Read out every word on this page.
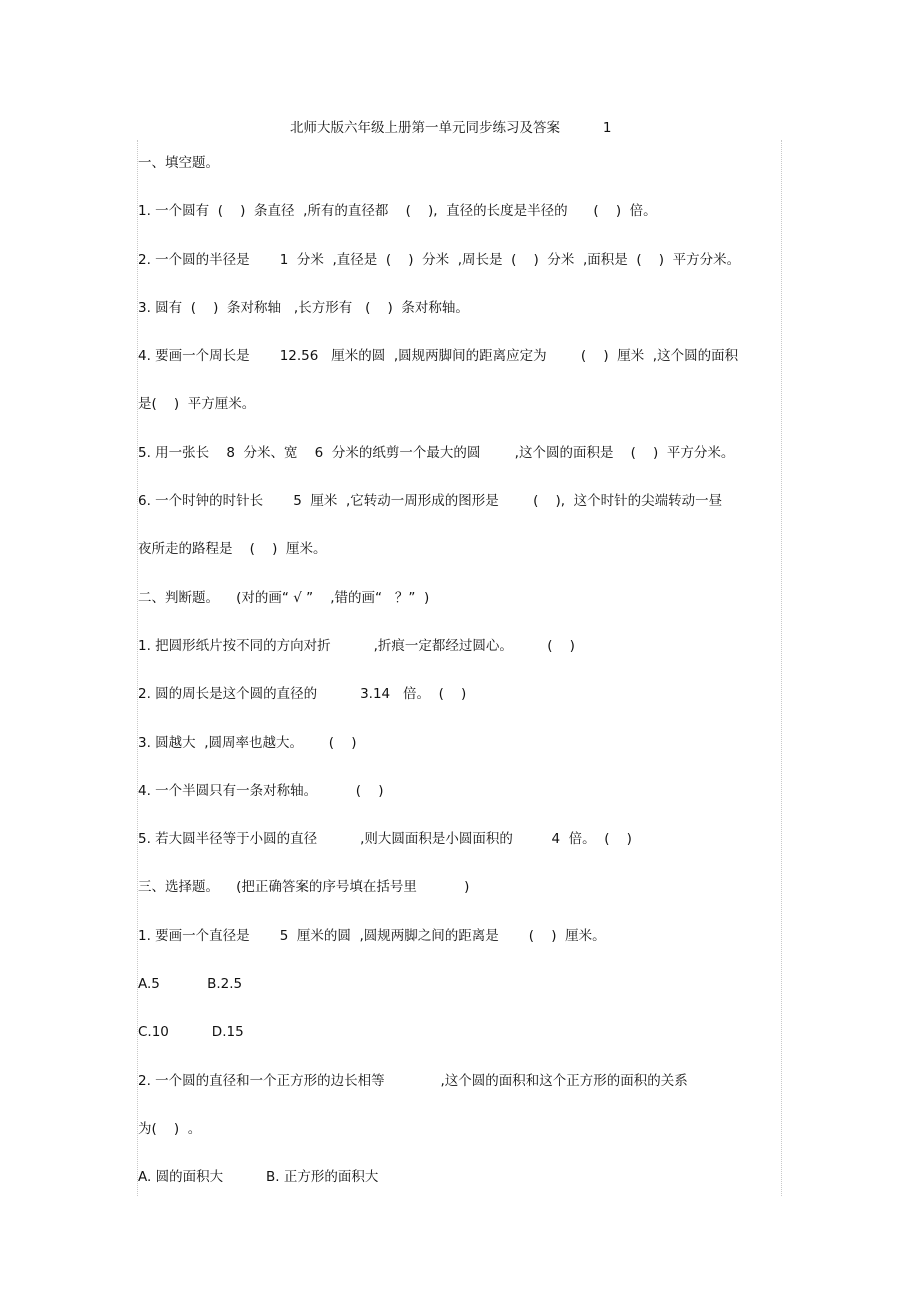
北师大版六年级上册第一单元同步练习及答案          1
一、填空题。
1. 一个圆有  (    )  条直径  ,所有的直径都    (    ),  直径的长度是半径的      (    )  倍。
2. 一个圆的半径是       1  分米  ,直径是  (    )  分米  ,周长是  (    )  分米  ,面积是  (    )  平方分米。
3. 圆有  (    )  条对称轴   ,长方形有   (    )  条对称轴。
4. 要画一个周长是       12.56   厘米的圆  ,圆规两脚间的距离应定为        (    )  厘米  ,这个圆的面积
是(    )  平方厘米。
5. 用一张长    8  分米、宽    6  分米的纸剪一个最大的圆        ,这个圆的面积是    (    )  平方分米。
6. 一个时钟的时针长       5  厘米  ,它转动一周形成的图形是        (    ),  这个时针的尖端转动一昼
夜所走的路程是    (    )  厘米。
二、判断题。    (对的画“ √ ”    ,错的画“   ？”  )
1. 把圆形纸片按不同的方向对折          ,折痕一定都经过圆心。        (    )
2. 圆的周长是这个圆的直径的          3.14   倍。  (    )
3. 圆越大  ,圆周率也越大。      (    )
4. 一个半圆只有一条对称轴。         (    )
5. 若大圆半径等于小圆的直径          ,则大圆面积是小圆面积的         4  倍。  (    )
三、选择题。    (把正确答案的序号填在括号里           )
1. 要画一个直径是       5  厘米的圆  ,圆规两脚之间的距离是       (    )  厘米。
A.5           B.2.5
C.10          D.15
2. 一个圆的直径和一个正方形的边长相等             ,这个圆的面积和这个正方形的面积的关系
为(    )  。
A. 圆的面积大          B. 正方形的面积大
